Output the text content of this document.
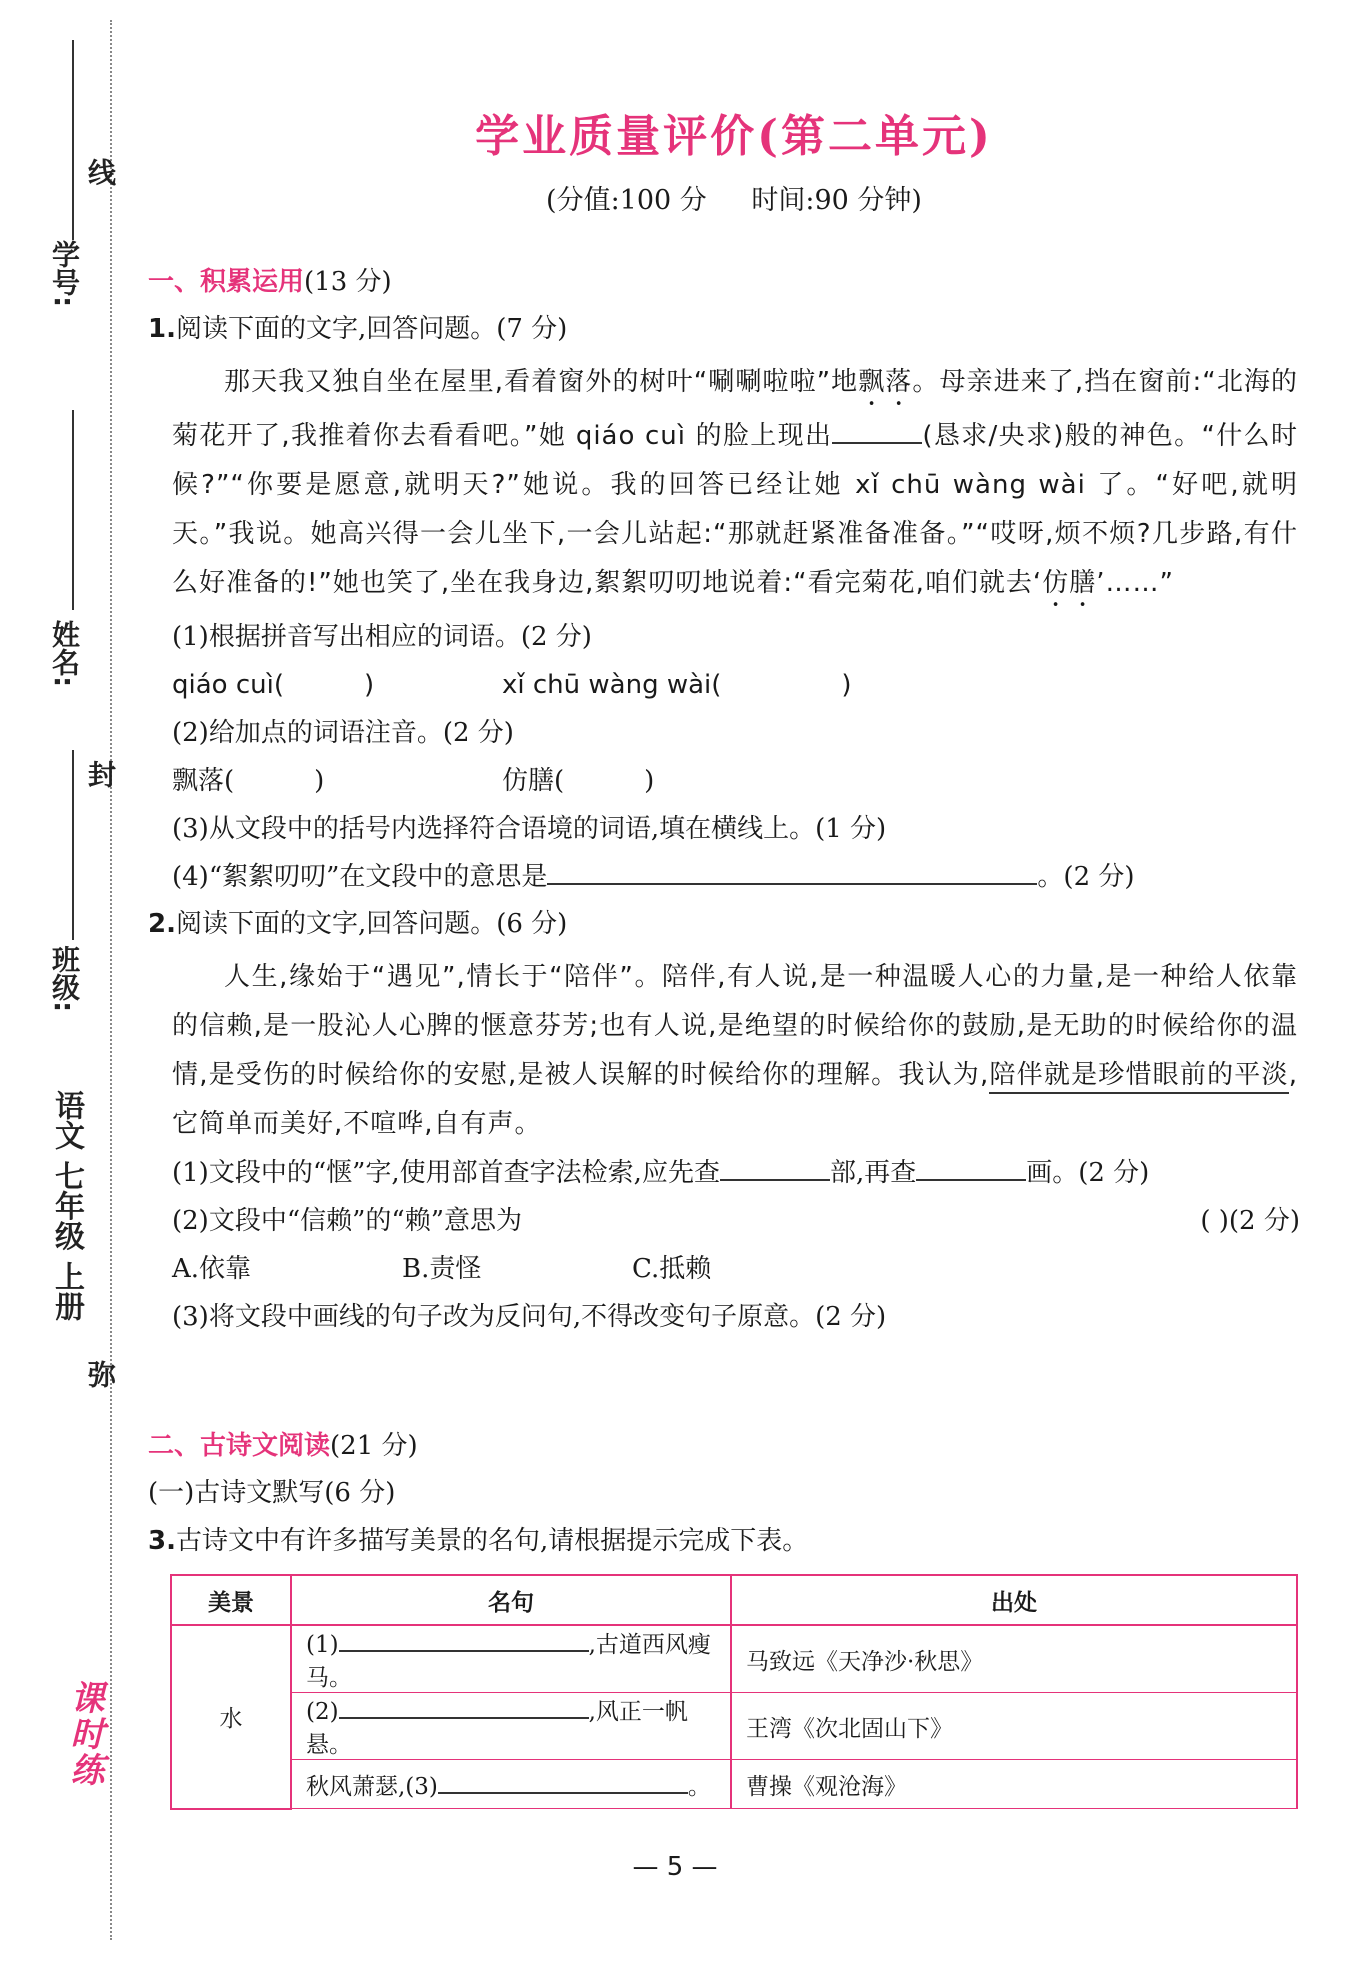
线
学号:
姓名:
封
班级:
语文 七年级 上册
弥
课时练
学业质量评价(第二单元)
(分值:100 分 时间:90 分钟)
一、积累运用(13 分)
1.阅读下面的文字,回答问题。(7 分)
那天我又独自坐在屋里,看着窗外的树叶“唰唰啦啦”地飘落。母亲进来了,挡在窗前:“北海的菊花开了,我推着你去看看吧。”她 qiáo cuì 的脸上现出	(恳求/央求)般的神色。“什么时候?”“你要是愿意,就明天?”她说。我的回答已经让她 xǐ chū wàng wài 了。“好吧,就明天。”我说。她高兴得一会儿坐下,一会儿站起:“那就赶紧准备准备。”“哎呀,烦不烦?几步路,有什么好准备的!”她也笑了,坐在我身边,絮絮叨叨地说着:“看完菊花,咱们就去‘仿膳’……”
(1)根据拼音写出相应的词语。(2 分)
qiáo cuì(	)	xǐ chū wàng wài(	)
(2)给加点的词语注音。(2 分)
飘落(	)	仿膳(	)
(3)从文段中的括号内选择符合语境的词语,填在横线上。(1 分)
(4)“絮絮叨叨”在文段中的意思是	。(2 分)
2.阅读下面的文字,回答问题。(6 分)
人生,缘始于“遇见”,情长于“陪伴”。陪伴,有人说,是一种温暖人心的力量,是一种给人依靠的信赖,是一股沁人心脾的惬意芬芳;也有人说,是绝望的时候给你的鼓励,是无助的时候给你的温情,是受伤的时候给你的安慰,是被人误解的时候给你的理解。我认为,陪伴就是珍惜眼前的平淡,它简单而美好,不喧哗,自有声。
(1)文段中的“惬”字,使用部首查字法检索,应先查	部,再查	画。(2 分)
(2)文段中“信赖”的“赖”意思为	( )(2 分)
A.依靠	B.责怪	C.抵赖
(3)将文段中画线的句子改为反问句,不得改变句子原意。(2 分)
二、古诗文阅读(21 分)
(一)古诗文默写(6 分)
3.古诗文中有许多描写美景的名句,请根据提示完成下表。
美景	名句	出处
水	(1) ,古道西风瘦马。	马致远《天净沙·秋思》
	(2) ,风正一帆悬。	王湾《次北固山下》
	秋风萧瑟,(3) 。	曹操《观沧海》
— 5 —
